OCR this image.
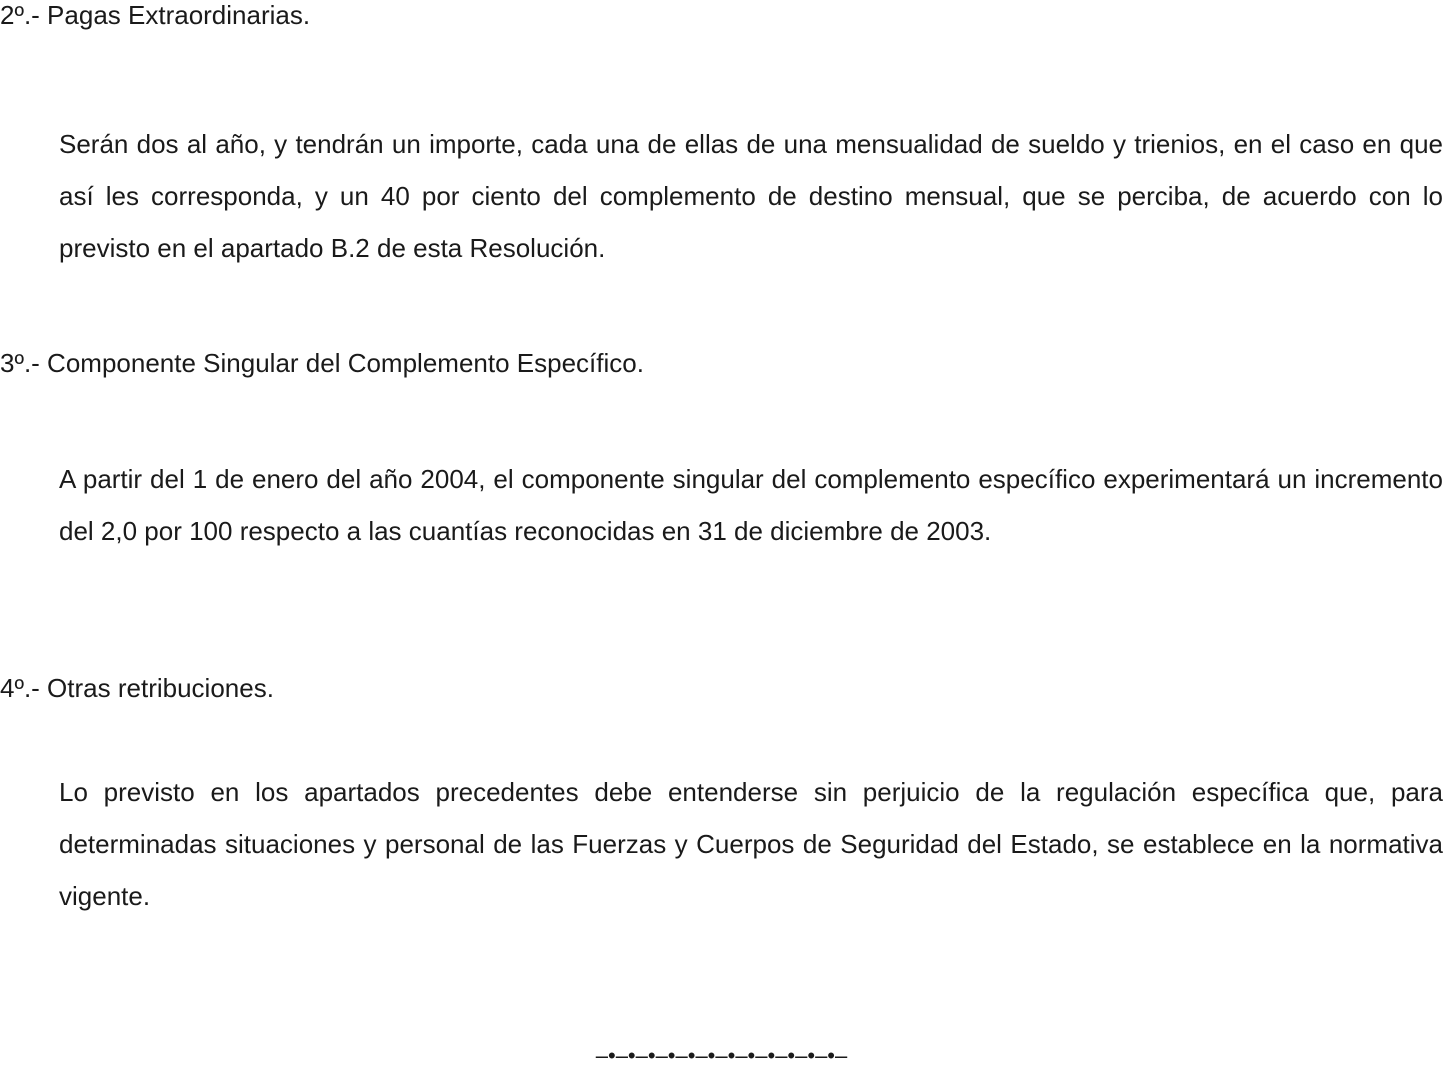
2º.- Pagas Extraordinarias.

Serán dos al año, y tendrán un importe, cada una de ellas de una mensualidad de sueldo y trienios, en el caso en que así les corresponda, y un 40 por ciento del complemento de destino mensual, que se perciba, de acuerdo con lo previsto en el apartado B.2 de esta Resolución.

3º.- Componente Singular del Complemento Específico.

A partir del 1 de enero del año 2004, el componente singular del complemento específico experimentará un incremento del 2,0 por 100 respecto a las cuantías reconocidas en 31 de diciembre de 2003.

4º.- Otras retribuciones.

Lo previsto en los apartados precedentes debe entenderse sin perjuicio de la regulación específica que, para determinadas situaciones y personal de las Fuerzas y Cuerpos de Seguridad del Estado, se establece en la normativa vigente.

–•–•–•–•–•–•–•–•–•–•–•–•–
